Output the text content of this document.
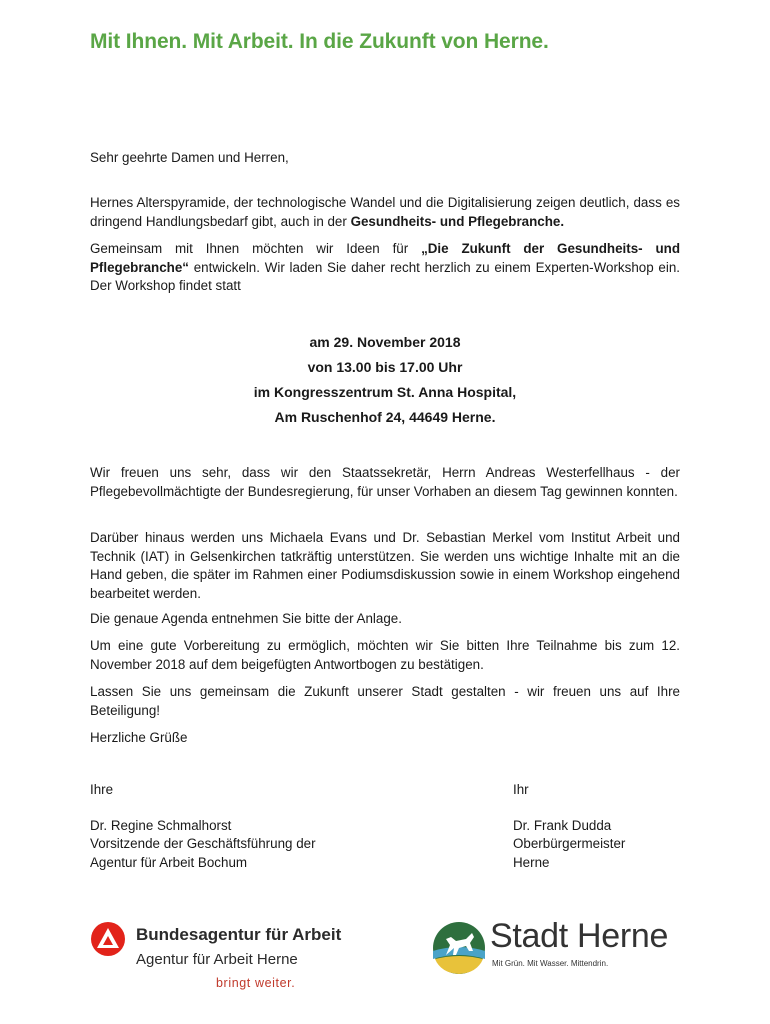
Mit Ihnen. Mit Arbeit. In die Zukunft von Herne.
Sehr geehrte Damen und Herren,

Hernes Alterspyramide, der technologische Wandel und die Digitalisierung zeigen deutlich, dass es dringend Handlungsbedarf gibt, auch in der Gesundheits- und Pflegebranche.

Gemeinsam mit Ihnen möchten wir Ideen für „Die Zukunft der Gesundheits- und Pflegebranche“ entwickeln. Wir laden Sie daher recht herzlich zu einem Experten-Workshop ein. Der Workshop findet statt

am 29. November 2018
von 13.00 bis 17.00 Uhr
im Kongresszentrum St. Anna Hospital,
Am Ruschenhof 24, 44649 Herne.

Wir freuen uns sehr, dass wir den Staatssekretär, Herrn Andreas Westerfellhaus - der Pflegebevollmächtigte der Bundesregierung, für unser Vorhaben an diesem Tag gewinnen konnten.

Darüber hinaus werden uns Michaela Evans und Dr. Sebastian Merkel vom Institut Arbeit und Technik (IAT) in Gelsenkirchen tatkräftig unterstützen. Sie werden uns wichtige Inhalte mit an die Hand geben, die später im Rahmen einer Podiumsdiskussion sowie in einem Workshop eingehend bearbeitet werden.

Die genaue Agenda entnehmen Sie bitte der Anlage.

Um eine gute Vorbereitung zu ermöglich, möchten wir Sie bitten Ihre Teilnahme bis zum 12. November 2018 auf dem beigefügten Antwortbogen zu bestätigen.

Lassen Sie uns gemeinsam die Zukunft unserer Stadt gestalten - wir freuen uns auf Ihre Beteiligung!

Herzliche Grüße
Ihre
Dr. Regine Schmalhorst
Vorsitzende der Geschäftsführung der
Agentur für Arbeit Bochum
Ihr
Dr. Frank Dudda
Oberbürgermeister
Herne
Bundesagentur für Arbeit
Agentur für Arbeit Herne
bringt weiter.
Stadt Herne
Mit Grün. Mit Wasser. Mittendrin.
